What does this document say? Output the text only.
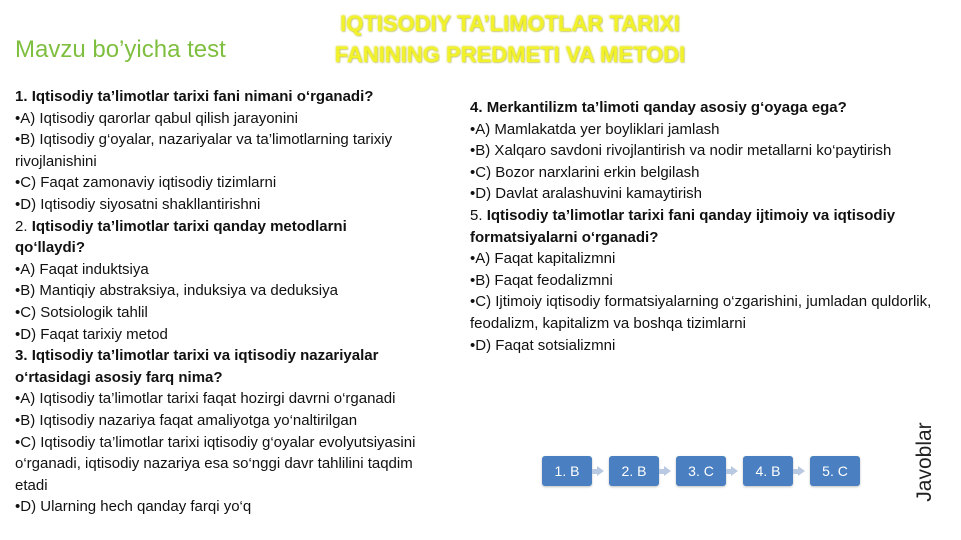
Mavzu bo’yicha test
IQTISODIY TA’LIMOTLAR TARIXI
FANINING PREDMETI VA METODI

1. Iqtisodiy ta’limotlar tarixi fani nimani o‘rganadi?

• A) Iqtisodiy qarorlar qabul qilish jarayonini

• B) Iqtisodiy g‘oyalar, nazariyalar va ta’limotlarning tarixiy rivojlanishini

• C) Faqat zamonaviy iqtisodiy tizimlarni

• D) Iqtisodiy siyosatni shakllantirishni

2. Iqtisodiy ta’limotlar tarixi qanday metodlarni qo‘llaydi?

• A) Faqat induktsiya

• B) Mantiqiy abstraksiya, induksiya va deduksiya

• C) Sotsiologik tahlil

• D) Faqat tarixiy metod

3. Iqtisodiy ta’limotlar tarixi va iqtisodiy nazariyalar o‘rtasidagi asosiy farq nima?

• A) Iqtisodiy ta’limotlar tarixi faqat hozirgi davrni o‘rganadi

• B) Iqtisodiy nazariya faqat amaliyotga yo‘naltirilgan

• C) Iqtisodiy ta’limotlar tarixi iqtisodiy g‘oyalar evolyutsiyasini o‘rganadi, iqtisodiy nazariya esa so‘nggi davr tahlilini taqdim etadi

• D) Ularning hech qanday farqi yo‘q

4. Merkantilizm ta’limoti qanday asosiy g‘oyaga ega?

• A) Mamlakatda yer boyliklari jamlash

• B) Xalqaro savdoni rivojlantirish va nodir metallarni ko‘paytirish

• C) Bozor narxlarini erkin belgilash

• D) Davlat aralashuvini kamaytirish

5. Iqtisodiy ta’limotlar tarixi fani qanday ijtimoiy va iqtisodiy formatsiyalarni o‘rganadi?

• A) Faqat kapitalizmni

• B) Faqat feodalizmni

• C) Ijtimoiy iqtisodiy formatsiyalarning o‘zgarishini, jumladan quldorlik, feodalizm, kapitalizm va boshqa tizimlarni

• D) Faqat sotsializmni

1. B	2. B	3. C	4. B	5. C	Javoblar
